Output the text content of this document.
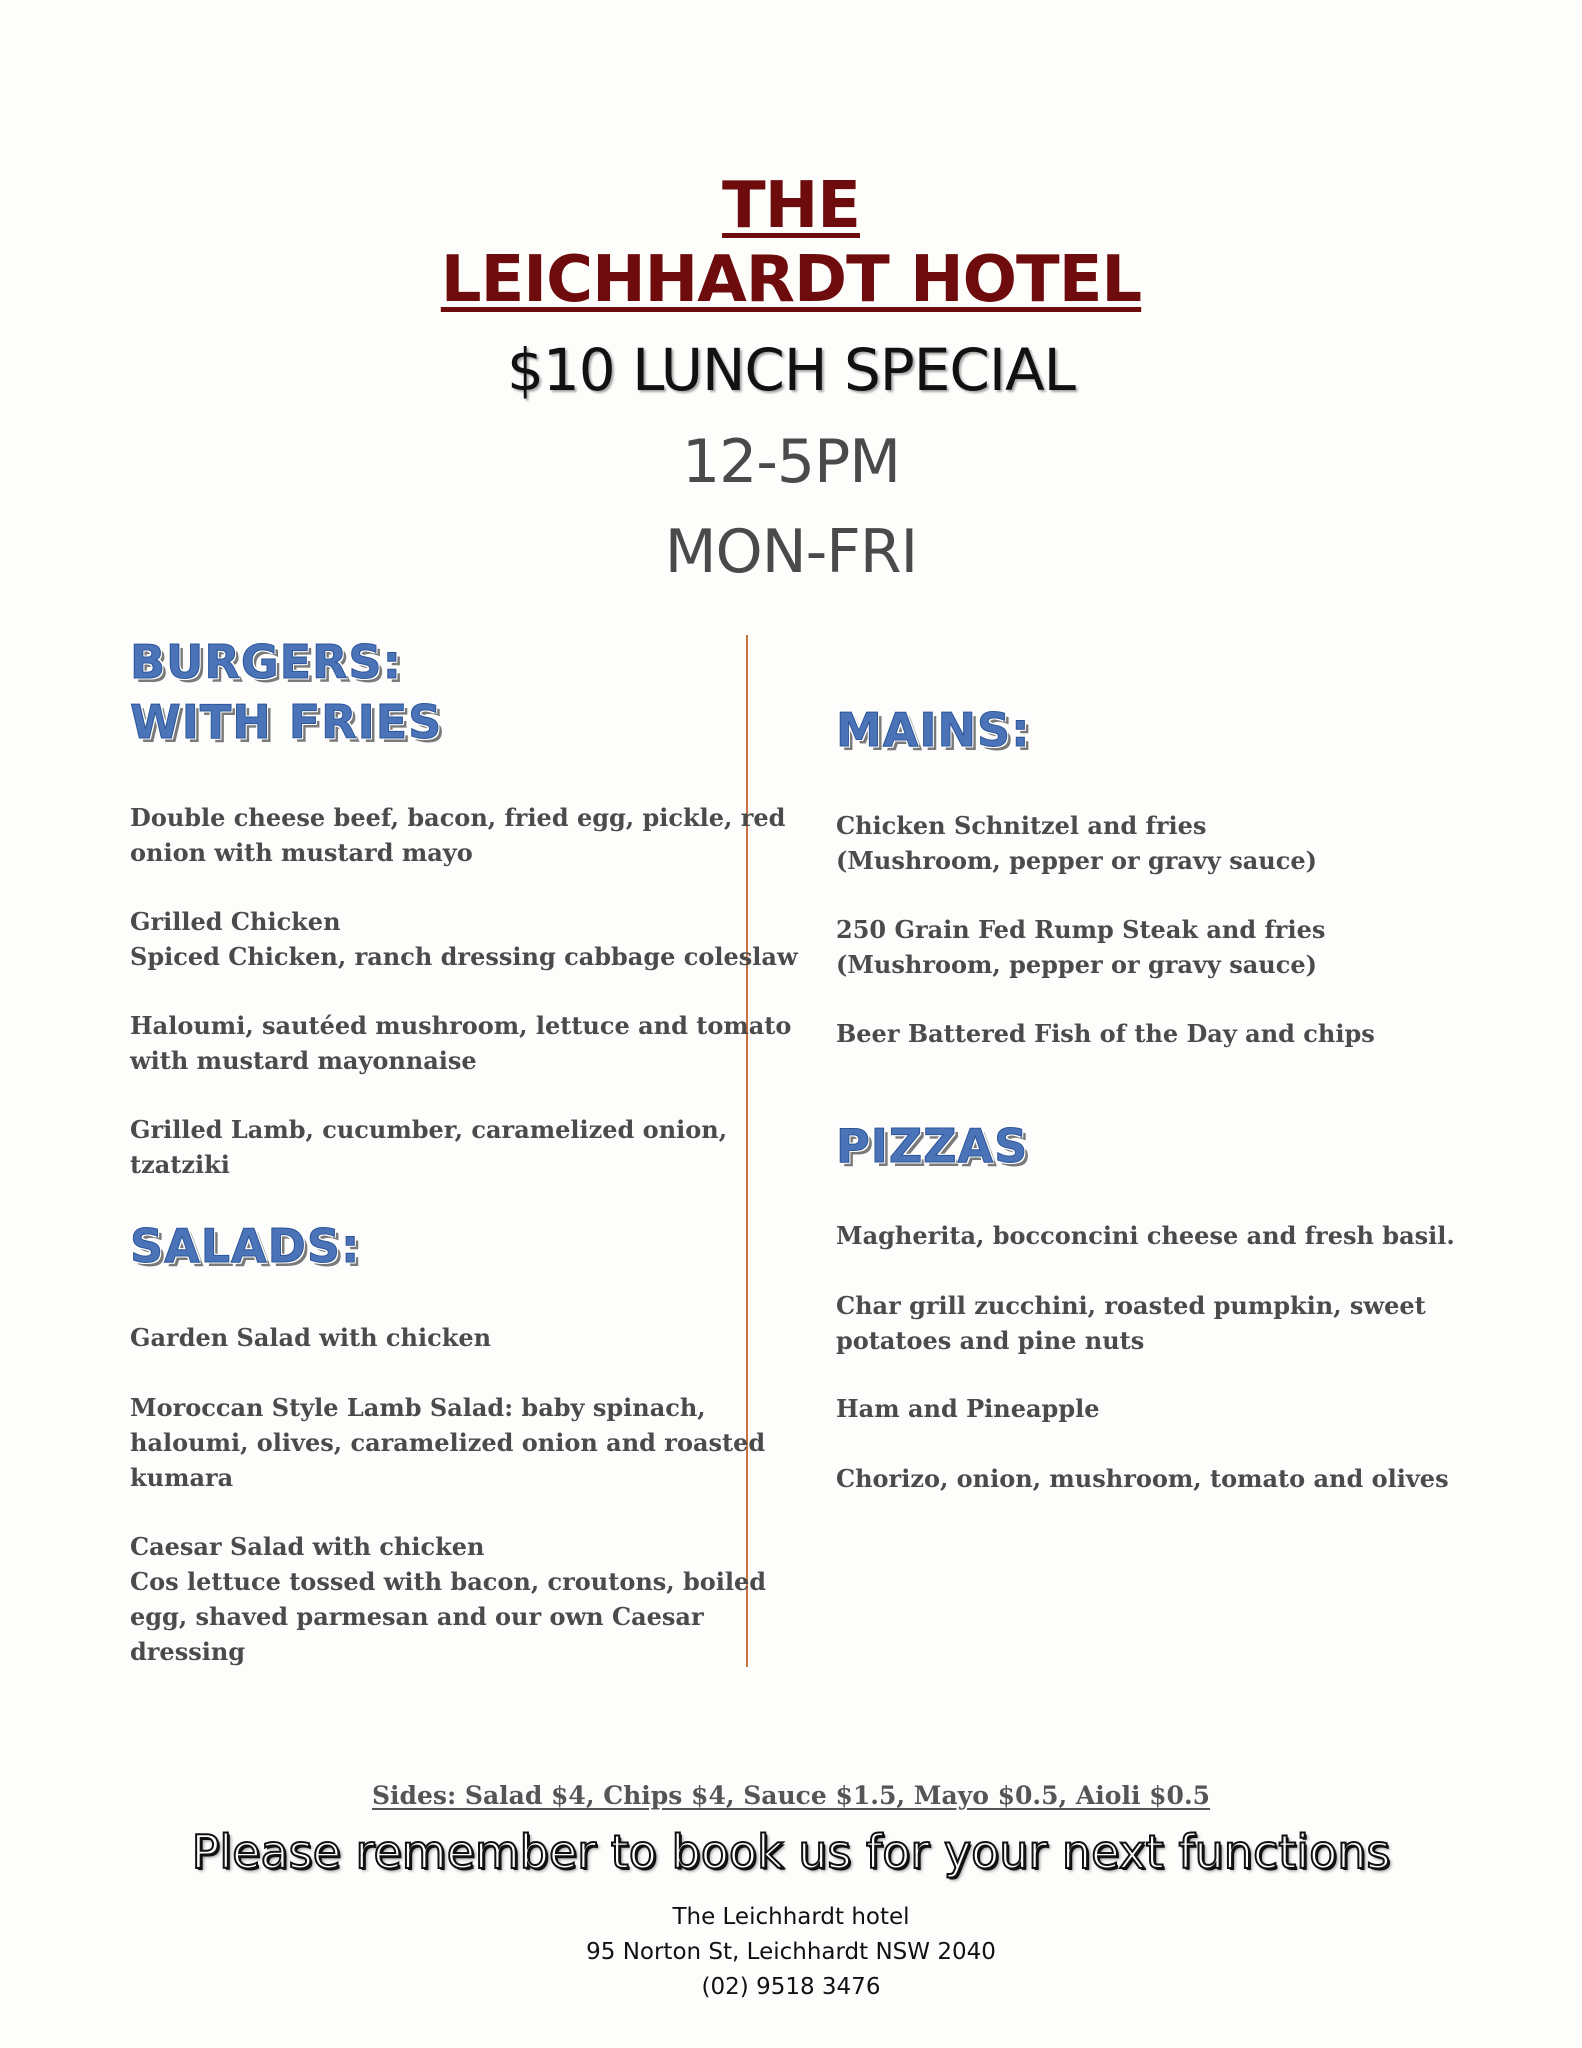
THE
LEICHHARDT HOTEL
$10 LUNCH SPECIAL
12-5PM
MON-FRI
BURGERS:
WITH FRIES
Double cheese beef, bacon, fried egg, pickle, red
onion with mustard mayo
Grilled Chicken
Spiced Chicken, ranch dressing cabbage coleslaw
Haloumi, sautéed mushroom, lettuce and tomato
with mustard mayonnaise
Grilled Lamb, cucumber, caramelized onion,
tzatziki
SALADS:
Garden Salad with chicken
Moroccan Style Lamb Salad: baby spinach,
haloumi, olives, caramelized onion and roasted
kumara
Caesar Salad with chicken
Cos lettuce tossed with bacon, croutons, boiled
egg, shaved parmesan and our own Caesar
dressing
MAINS:
Chicken Schnitzel and fries
(Mushroom, pepper or gravy sauce)
250 Grain Fed Rump Steak and fries
(Mushroom, pepper or gravy sauce)
Beer Battered Fish of the Day and chips
PIZZAS
Magherita, bocconcini cheese and fresh basil.
Char grill zucchini, roasted pumpkin, sweet
potatoes and pine nuts
Ham and Pineapple
Chorizo, onion, mushroom, tomato and olives
Sides: Salad $4, Chips $4, Sauce $1.5, Mayo $0.5, Aioli $0.5
Please remember to book us for your next functions
The Leichhardt hotel
95 Norton St, Leichhardt NSW 2040
(02) 9518 3476
